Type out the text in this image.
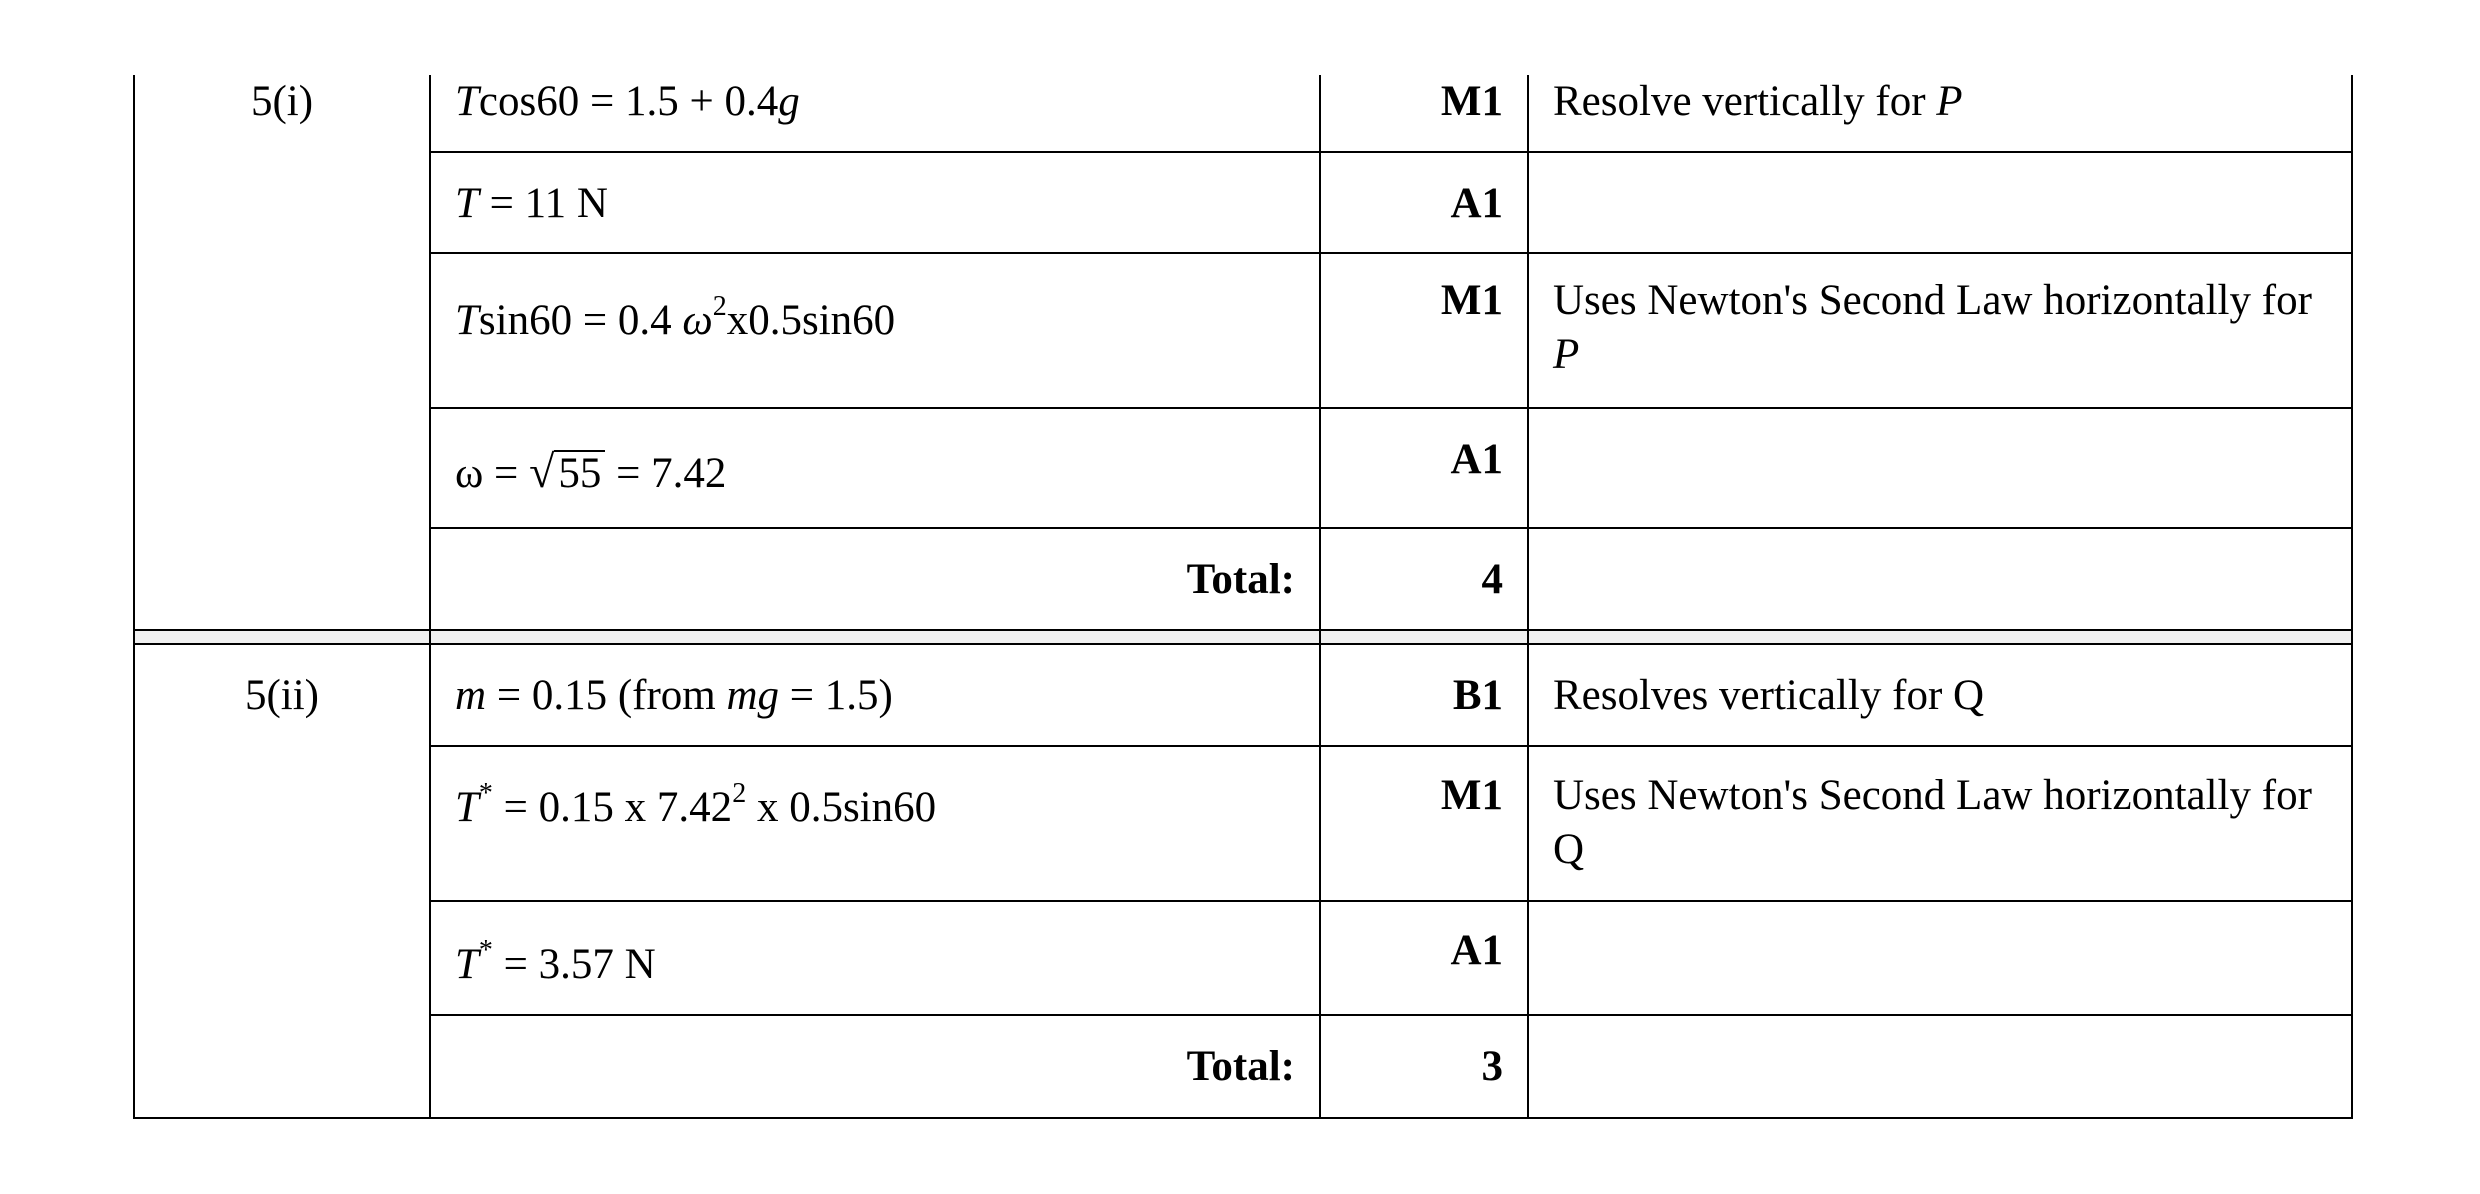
5(i)	Tcos60 = 1.5 + 0.4g	M1	Resolve vertically for P
	T = 11 N	A1	
	Tsin60 = 0.4 $\omega^2x0.5\sin 60$	M1	Uses Newton's Second Law horizontally for P
	ω = √55 = 7.42	A1	
	Total:	4	

5(ii)	m = 0.15 (from mg = 1.5)	B1	Resolves vertically for Q
	T* = 0.15 x 7.42$^2$ x 0.5sin60	M1	Uses Newton's Second Law horizontally for Q
	T* = 3.57 N	A1	
	Total:	3	
